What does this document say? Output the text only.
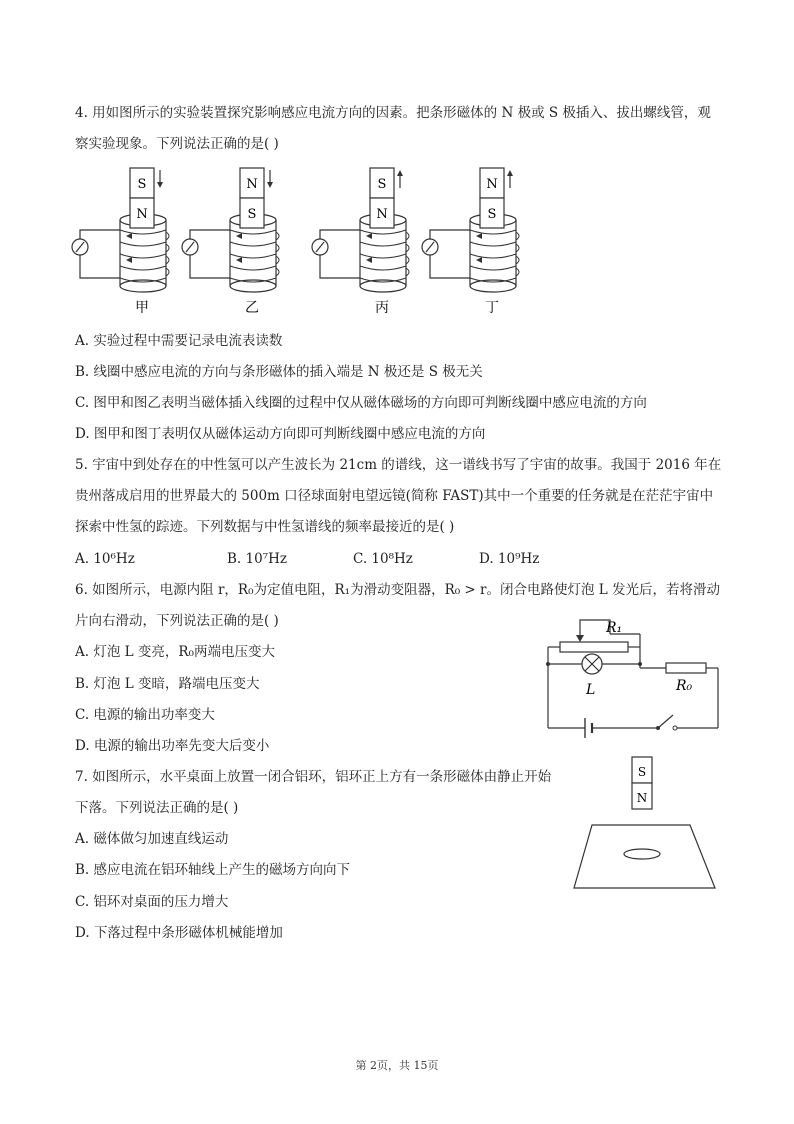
4. 用如图所示的实验装置探究影响感应电流方向的因素。把条形磁体的 N 极或 S 极插入、拔出螺线管，观
察实验现象。下列说法正确的是( )
S
N
甲
N
S
乙
S
N
丙
N
S
丁
A. 实验过程中需要记录电流表读数
B. 线圈中感应电流的方向与条形磁体的插入端是 N 极还是 S 极无关
C. 图甲和图乙表明当磁体插入线圈的过程中仅从磁体磁场的方向即可判断线圈中感应电流的方向
D. 图甲和图丁表明仅从磁体运动方向即可判断线圈中感应电流的方向
5. 宇宙中到处存在的中性氢可以产生波长为 21cm 的谱线，这一谱线书写了宇宙的故事。我国于 2016 年在
贵州落成启用的世界最大的 500m 口径球面射电望远镜(简称 FAST)其中一个重要的任务就是在茫茫宇宙中
探索中性氢的踪迹。下列数据与中性氢谱线的频率最接近的是( )
A. 10⁶Hz	B. 10⁷Hz	C. 10⁸Hz	D. 10⁹Hz
6. 如图所示，电源内阻 r，R₀为定值电阻，R₁为滑动变阻器，R₀ > r。闭合电路使灯泡 L 发光后，若将滑动
片向右滑动，下列说法正确的是( )	R₁
L	R₀
A. 灯泡 L 变亮，R₀两端电压变大
B. 灯泡 L 变暗，路端电压变大
C. 电源的输出功率变大
D. 电源的输出功率先变大后变小
7. 如图所示，水平桌面上放置一闭合铝环，铝环正上方有一条形磁体由静止开始
下落。下列说法正确的是( )
S
N
A. 磁体做匀加速直线运动
B. 感应电流在铝环轴线上产生的磁场方向向下
C. 铝环对桌面的压力增大
D. 下落过程中条形磁体机械能增加
第 2页，共 15页
